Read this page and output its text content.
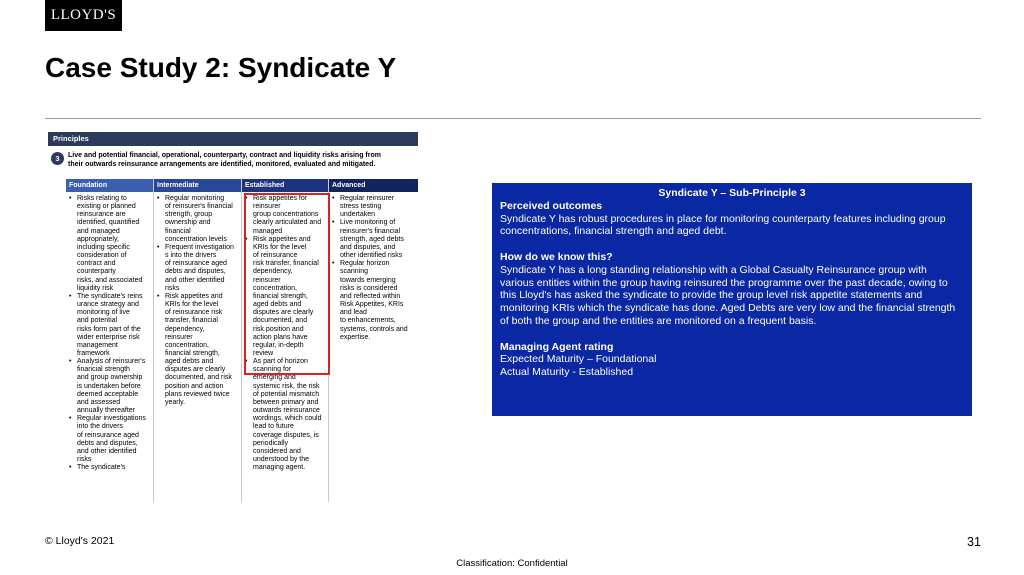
LLOYD'S
Case Study 2: Syndicate Y
Principles
3	Live and potential financial, operational, counterparty, contract and liquidity risks arising from
their outwards reinsurance arrangements are identified, monitored, evaluated and mitigated.
Foundation
• Risks relating to
existing or planned
reinsurance are
identified, quantified
and managed
appropriately,
including specific
consideration of
contract and
counterparty
risks, and associated
liquidity risk
• The syndicate's reins
urance strategy and
monitoring of live
and potential
risks form part of the
wider enterprise risk
management
framework
• Analysis of reinsurer's
financial strength
and group ownership
is undertaken before
deemed acceptable
and assessed
annually thereafter
• Regular investigations
into the drivers
of reinsurance aged
debts and disputes,
and other identified
risks
• The syndicate's
Intermediate
• Regular monitoring
of reinsurer's financial
strength, group
ownership and
financial
concentration levels
• Frequent investigation
s into the drivers
of reinsurance aged
debts and disputes,
and other identified
risks
• Risk appetites and
KRIs for the level
of reinsurance risk
transfer, financial
dependency,
reinsurer
concentration,
financial strength,
aged debts and
disputes are clearly
documented, and risk
position and action
plans reviewed twice
yearly.
Established
• Risk appetites for
reinsurer
group concentrations
clearly articulated and
managed
• Risk appetites and
KRIs for the level
of reinsurance
risk transfer, financial
dependency,
reinsurer
concentration,
financial strength,
aged debts and
disputes are clearly
documented, and
risk position and
action plans have
regular, in-depth
review
• As part of horizon
scanning for
emerging and
systemic risk, the risk
of potential mismatch
between primary and
outwards reinsurance
wordings, which could
lead to future
coverage disputes, is
periodically
considered and
understood by the
managing agent.
Advanced
• Regular reinsurer
stress testing
undertaken
• Live monitoring of
reinsurer's financial
strength, aged debts
and disputes, and
other identified risks
• Regular horizon
scanning
towards emerging
risks is considered
and reflected within
Risk Appetites, KRIs
and lead
to enhancements,
systems, controls and
expertise.
Syndicate Y – Sub-Principle 3
Perceived outcomes
Syndicate Y has robust procedures in place for monitoring counterparty features including group
concentrations, financial strength and aged debt.
How do we know this?
Syndicate Y has a long standing relationship with a Global Casualty Reinsurance group with
various entities within the group having reinsured the programme over the past decade, owing to
this Lloyd's has asked the syndicate to provide the group level risk appetite statements and
monitoring KRIs which the syndicate has done. Aged Debts are very low and the financial strength
of both the group and the entities are monitored on a frequent basis.
Managing Agent rating
Expected Maturity – Foundational
Actual Maturity - Established
© Lloyd's 2021	31
Classification: Confidential
